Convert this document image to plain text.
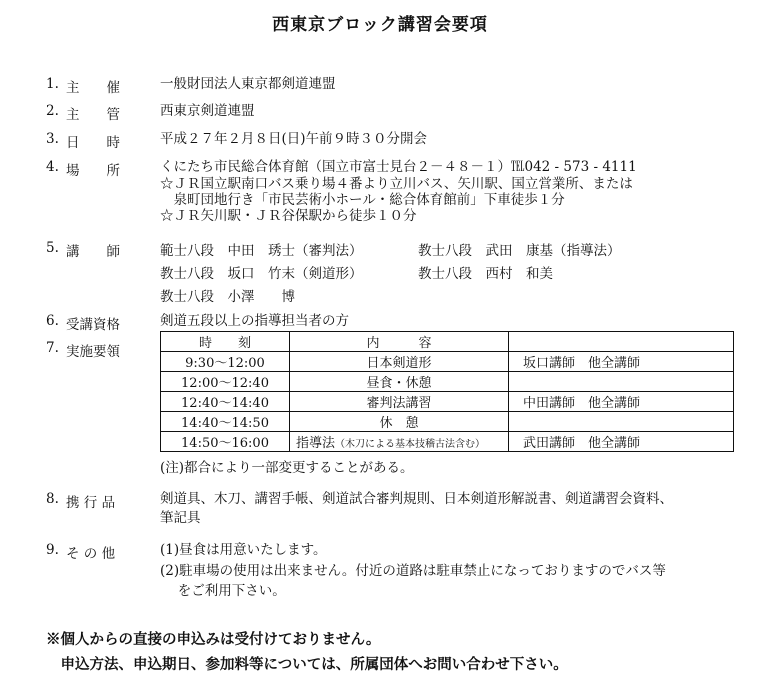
西東京ブロック講習会要項
1. 主　　催	一般財団法人東京都剣道連盟
2. 主　　管	西東京剣道連盟
3. 日　　時	平成２７年２月８日(日)午前９時３０分開会
4. 場　　所	くにたち市民総合体育館（国立市富士見台２－４８－１）℡042 - 573 - 4111
☆ＪＲ国立駅南口バス乗り場４番より立川バス、矢川駅、国立営業所、または
　泉町団地行き「市民芸術小ホール・総合体育館前」下車徒歩１分
☆ＪＲ矢川駅・ＪＲ谷保駅から徒歩１０分
5. 講　　師	範士八段　 中田　琇士（審判法）	教士八段　 武田　康基（指導法）
教士八段　 坂口　竹末（剣道形）	教士八段　 西村　和美
教士八段　 小澤　　博
6. 受講資格	剣道五段以上の指導担当者の方
7. 実施要領
時　　刻	内　　　容	
9:30～12:00	日本剣道形	坂口講師　他全講師
12:00～12:40	昼食・休憩	
12:40～14:40	審判法講習	中田講師　他全講師
14:40～14:50	休　憩	
14:50～16:00	指導法（木刀による基本技稽古法含む）	武田講師　他全講師
(注)都合により一部変更することがある。
8. 携 行 品	剣道具、木刀、講習手帳、剣道試合審判規則、日本剣道形解説書、剣道講習会資料、
筆記具
9. そ の 他	(1)昼食は用意いたします。
(2)駐車場の使用は出来ません。付近の道路は駐車禁止になっておりますのでバス等
　 をご利用下さい。
※個人からの直接の申込みは受付けておりません。
　申込方法、申込期日、参加料等については、所属団体へお問い合わせ下さい。
